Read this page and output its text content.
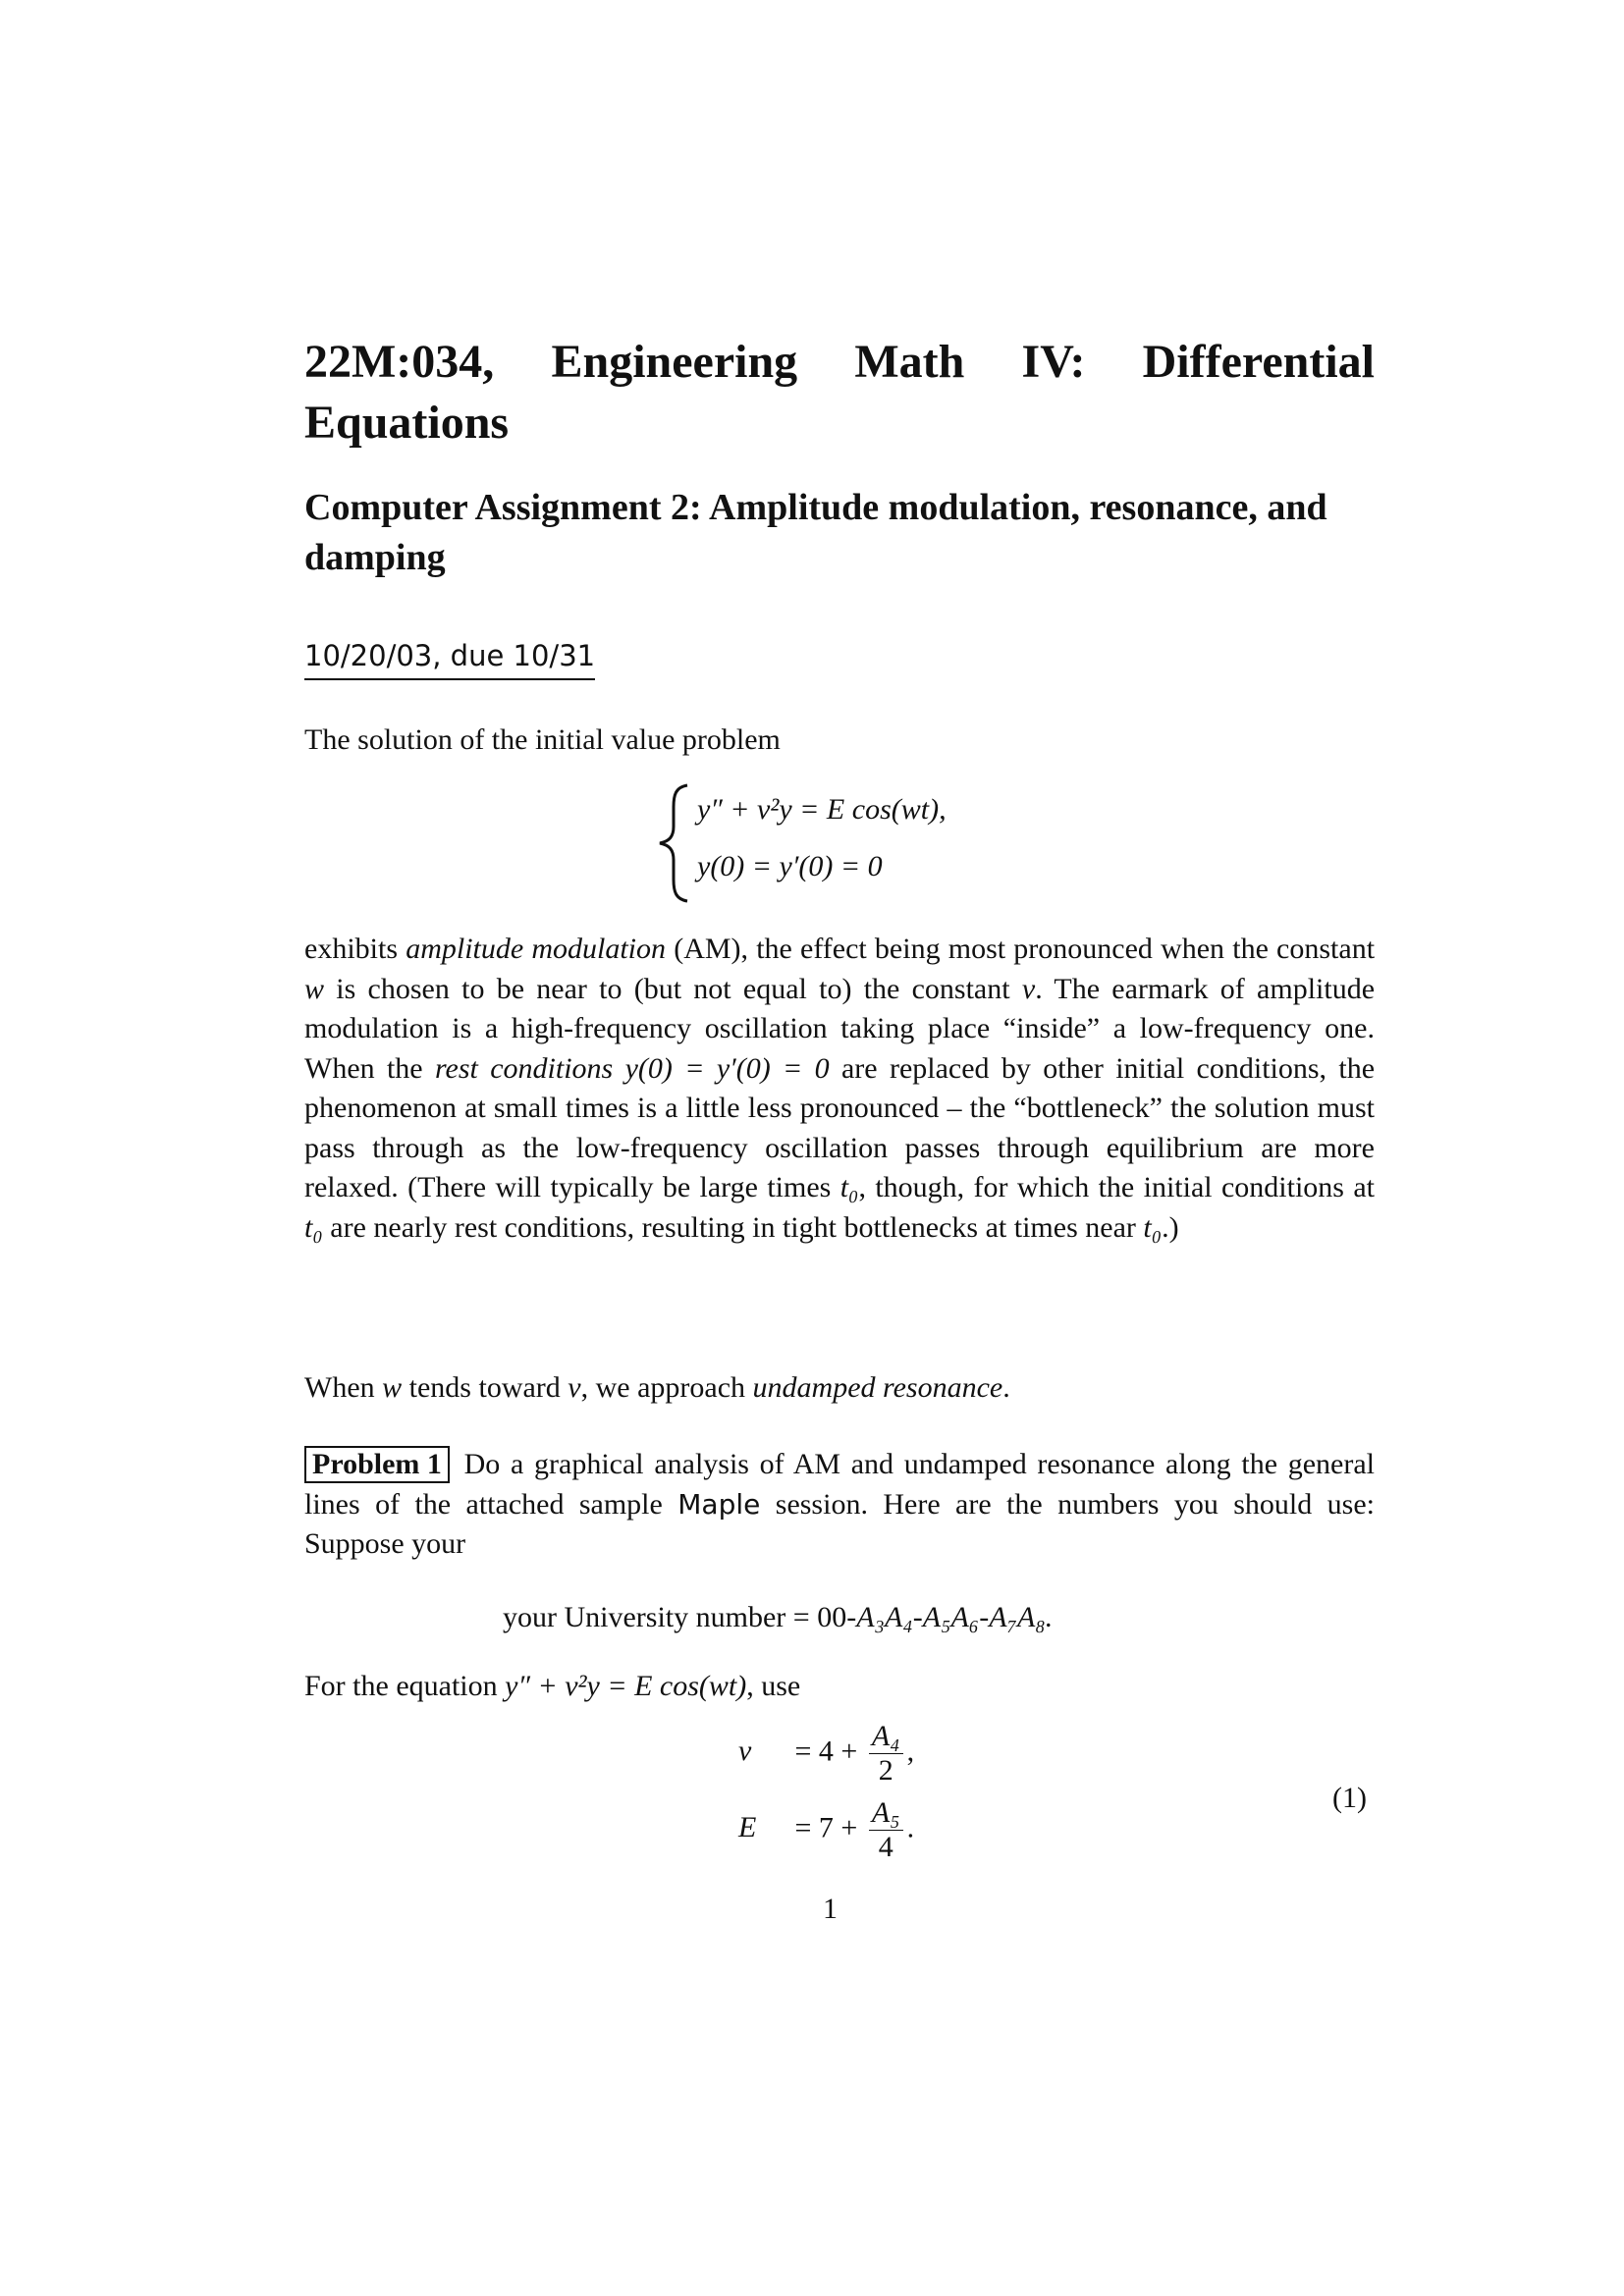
22M:034, Engineering Math IV: Differential Equations
Computer Assignment 2: Amplitude modulation, resonance, and damping
10/20/03, due 10/31

The solution of the initial value problem

y″ + v²y = E cos(wt),
y(0) = y′(0) = 0

exhibits amplitude modulation (AM), the effect being most pronounced when the constant w is chosen to be near to (but not equal to) the constant v. The earmark of amplitude modulation is a high-frequency oscillation taking place “inside” a low-frequency one. When the rest conditions y(0) = y′(0) = 0 are replaced by other initial conditions, the phenomenon at small times is a little less pronounced – the “bottleneck” the solution must pass through as the low-frequency oscillation passes through equilibrium are more relaxed. (There will typically be large times t₀, though, for which the initial conditions at t₀ are nearly rest conditions, resulting in tight bottlenecks at times near t₀.)

When w tends toward v, we approach undamped resonance.

Problem 1 Do a graphical analysis of AM and undamped resonance along the general lines of the attached sample Maple session. Here are the numbers you should use: Suppose your

your University number = 00-A₃A₄-A₅A₆-A₇A₈.

For the equation y″ + v²y = E cos(wt), use

$v = 4 + \frac{\text{A₄}}{2}$ ,
$E = 7 + \frac{\text{A₅}}{4}$ .
(1)
1
